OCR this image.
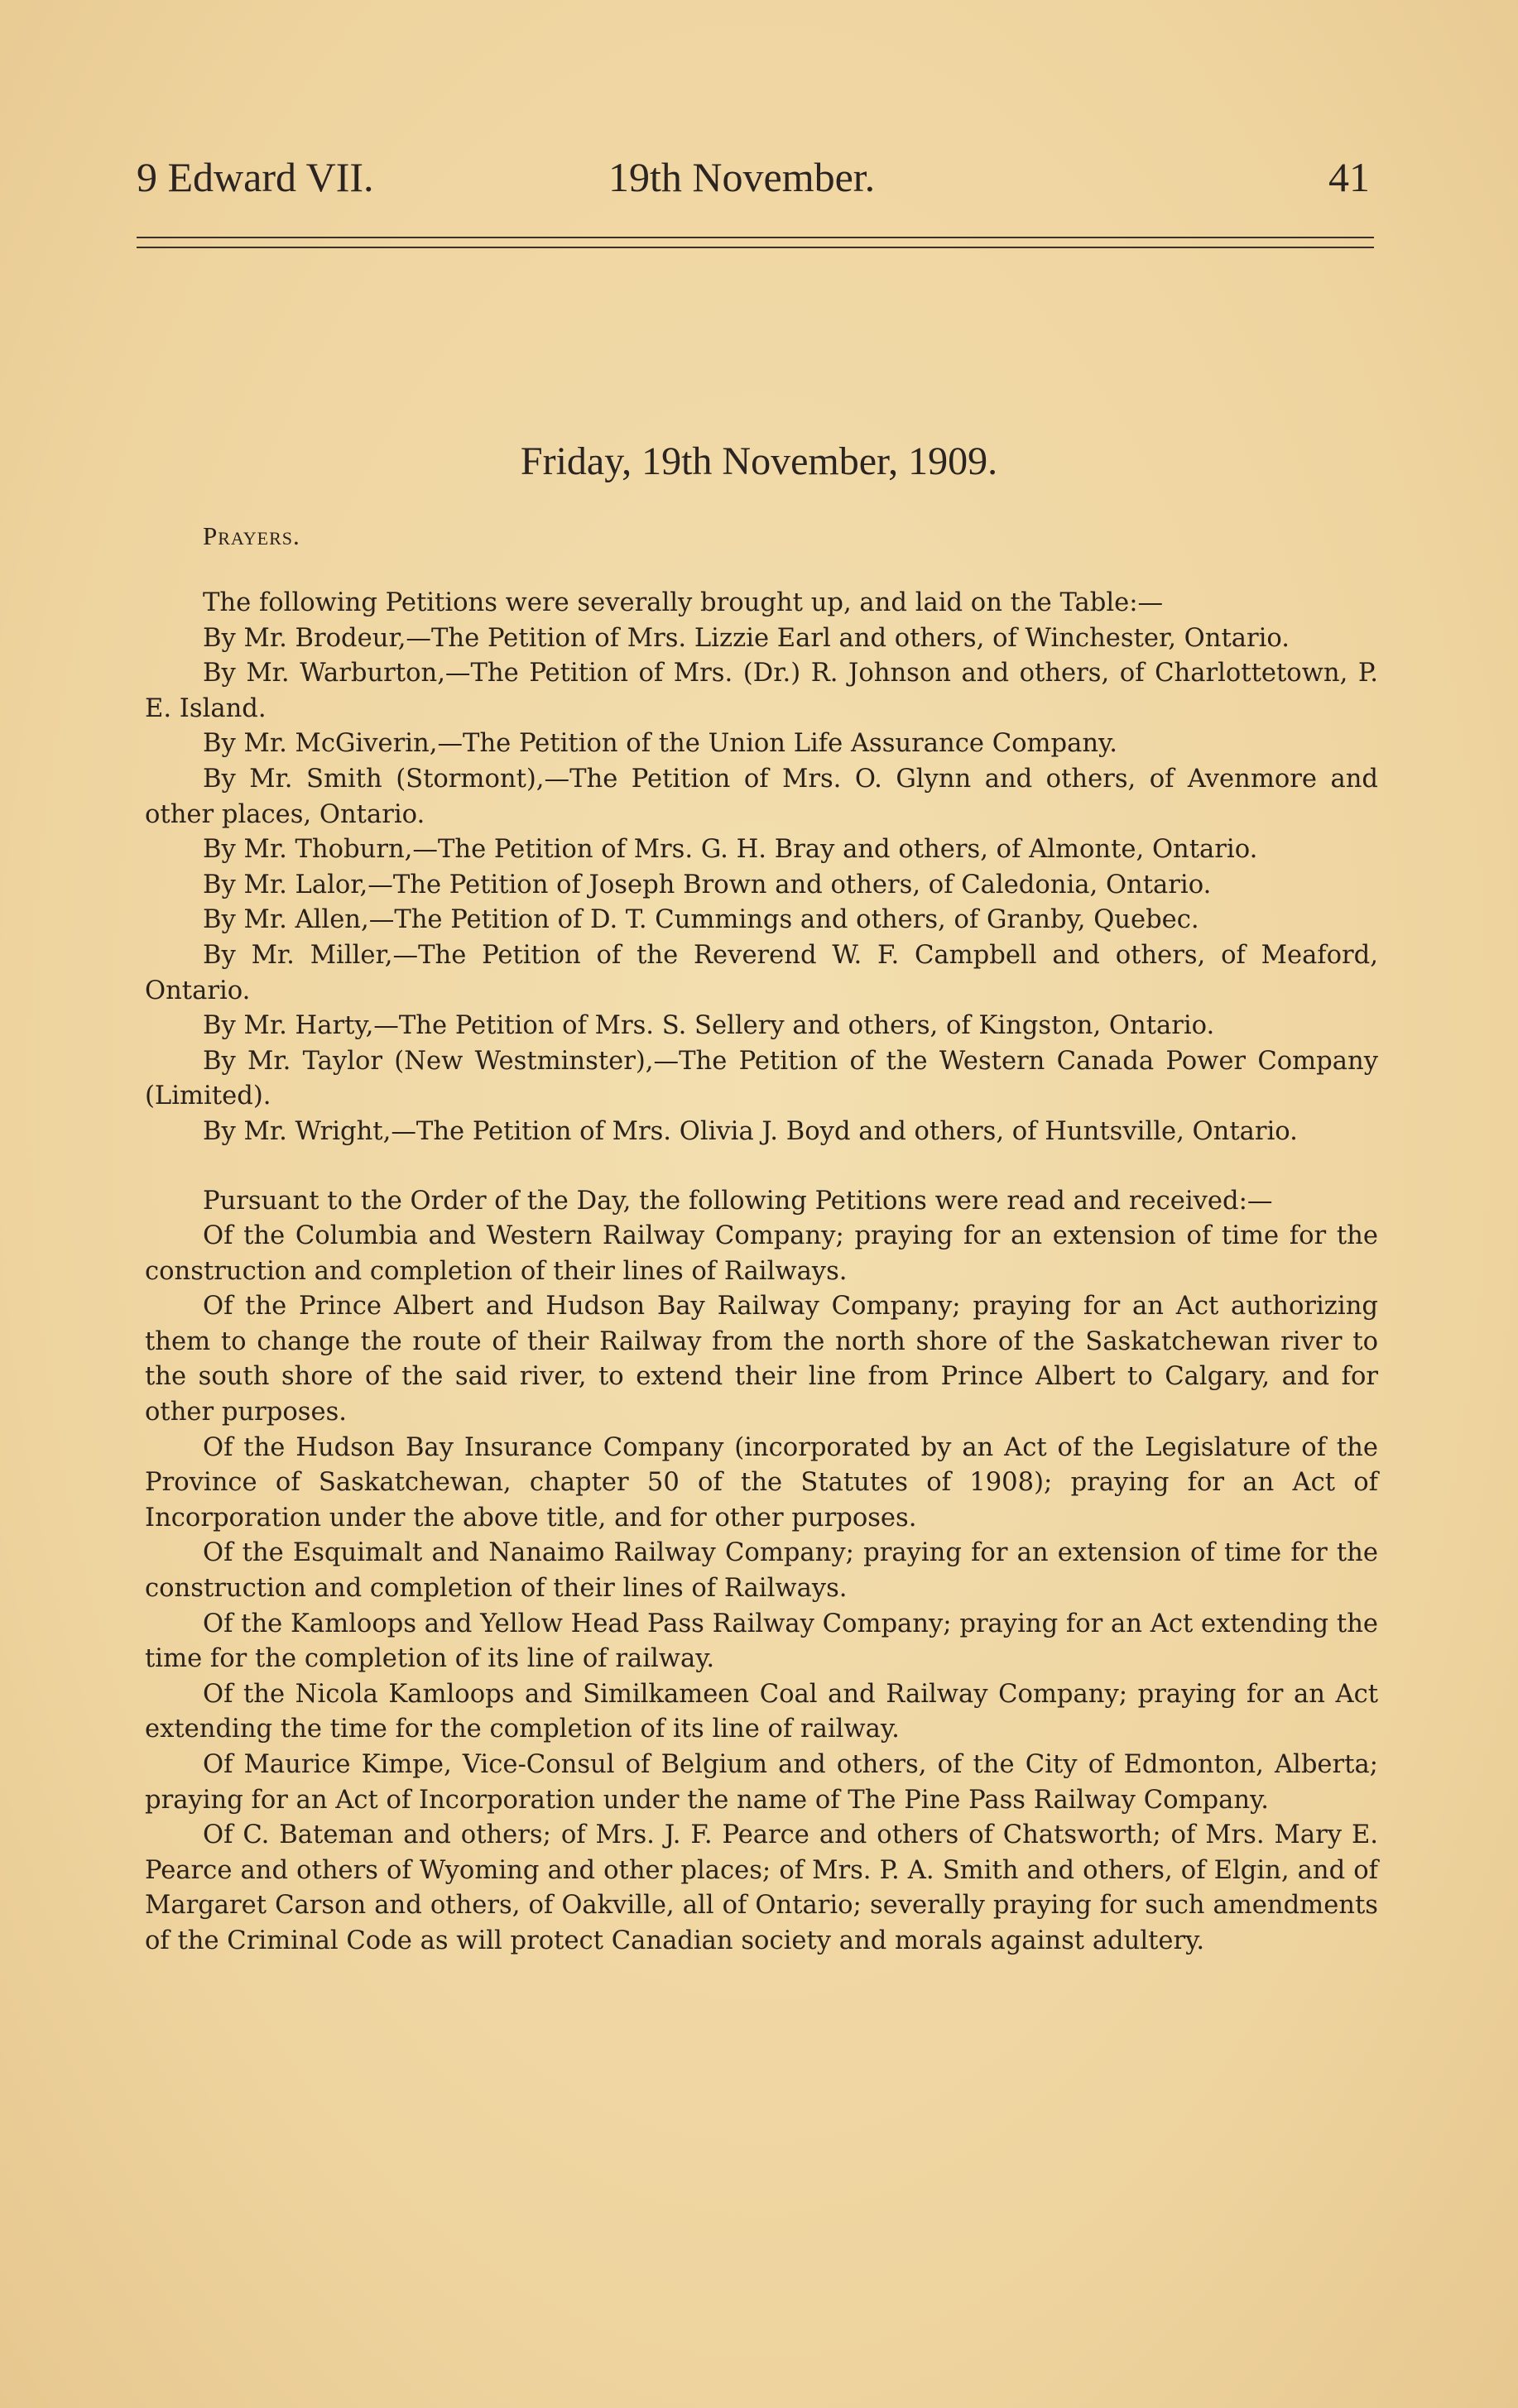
9 Edward VII.	19th November.	41
Friday, 19th November, 1909.
Prayers.

The following Petitions were severally brought up, and laid on the Table:—

By Mr. Brodeur,—The Petition of Mrs. Lizzie Earl and others, of Winchester, Ontario.

By Mr. Warburton,—The Petition of Mrs. (Dr.) R. Johnson and others, of Charlottetown, P. E. Island.

By Mr. McGiverin,—The Petition of the Union Life Assurance Company.

By Mr. Smith (Stormont),—The Petition of Mrs. O. Glynn and others, of Avenmore and other places, Ontario.

By Mr. Thoburn,—The Petition of Mrs. G. H. Bray and others, of Almonte, Ontario.

By Mr. Lalor,—The Petition of Joseph Brown and others, of Caledonia, Ontario.

By Mr. Allen,—The Petition of D. T. Cummings and others, of Granby, Quebec.

By Mr. Miller,—The Petition of the Reverend W. F. Campbell and others, of Meaford, Ontario.

By Mr. Harty,—The Petition of Mrs. S. Sellery and others, of Kingston, Ontario.

By Mr. Taylor (New Westminster),—The Petition of the Western Canada Power Company (Limited).

By Mr. Wright,—The Petition of Mrs. Olivia J. Boyd and others, of Huntsville, Ontario.

Pursuant to the Order of the Day, the following Petitions were read and received:—

Of the Columbia and Western Railway Company; praying for an extension of time for the construction and completion of their lines of Railways.

Of the Prince Albert and Hudson Bay Railway Company; praying for an Act authorizing them to change the route of their Railway from the north shore of the Saskatchewan river to the south shore of the said river, to extend their line from Prince Albert to Calgary, and for other purposes.

Of the Hudson Bay Insurance Company (incorporated by an Act of the Legislature of the Province of Saskatchewan, chapter 50 of the Statutes of 1908); praying for an Act of Incorporation under the above title, and for other purposes.

Of the Esquimalt and Nanaimo Railway Company; praying for an extension of time for the construction and completion of their lines of Railways.

Of the Kamloops and Yellow Head Pass Railway Company; praying for an Act extending the time for the completion of its line of railway.

Of the Nicola Kamloops and Similkameen Coal and Railway Company; praying for an Act extending the time for the completion of its line of railway.

Of Maurice Kimpe, Vice-Consul of Belgium and others, of the City of Edmonton, Alberta; praying for an Act of Incorporation under the name of The Pine Pass Railway Company.

Of C. Bateman and others; of Mrs. J. F. Pearce and others of Chatsworth; of Mrs. Mary E. Pearce and others of Wyoming and other places; of Mrs. P. A. Smith and others, of Elgin, and of Margaret Carson and others, of Oakville, all of Ontario; severally praying for such amendments of the Criminal Code as will protect Canadian society and morals against adultery.
